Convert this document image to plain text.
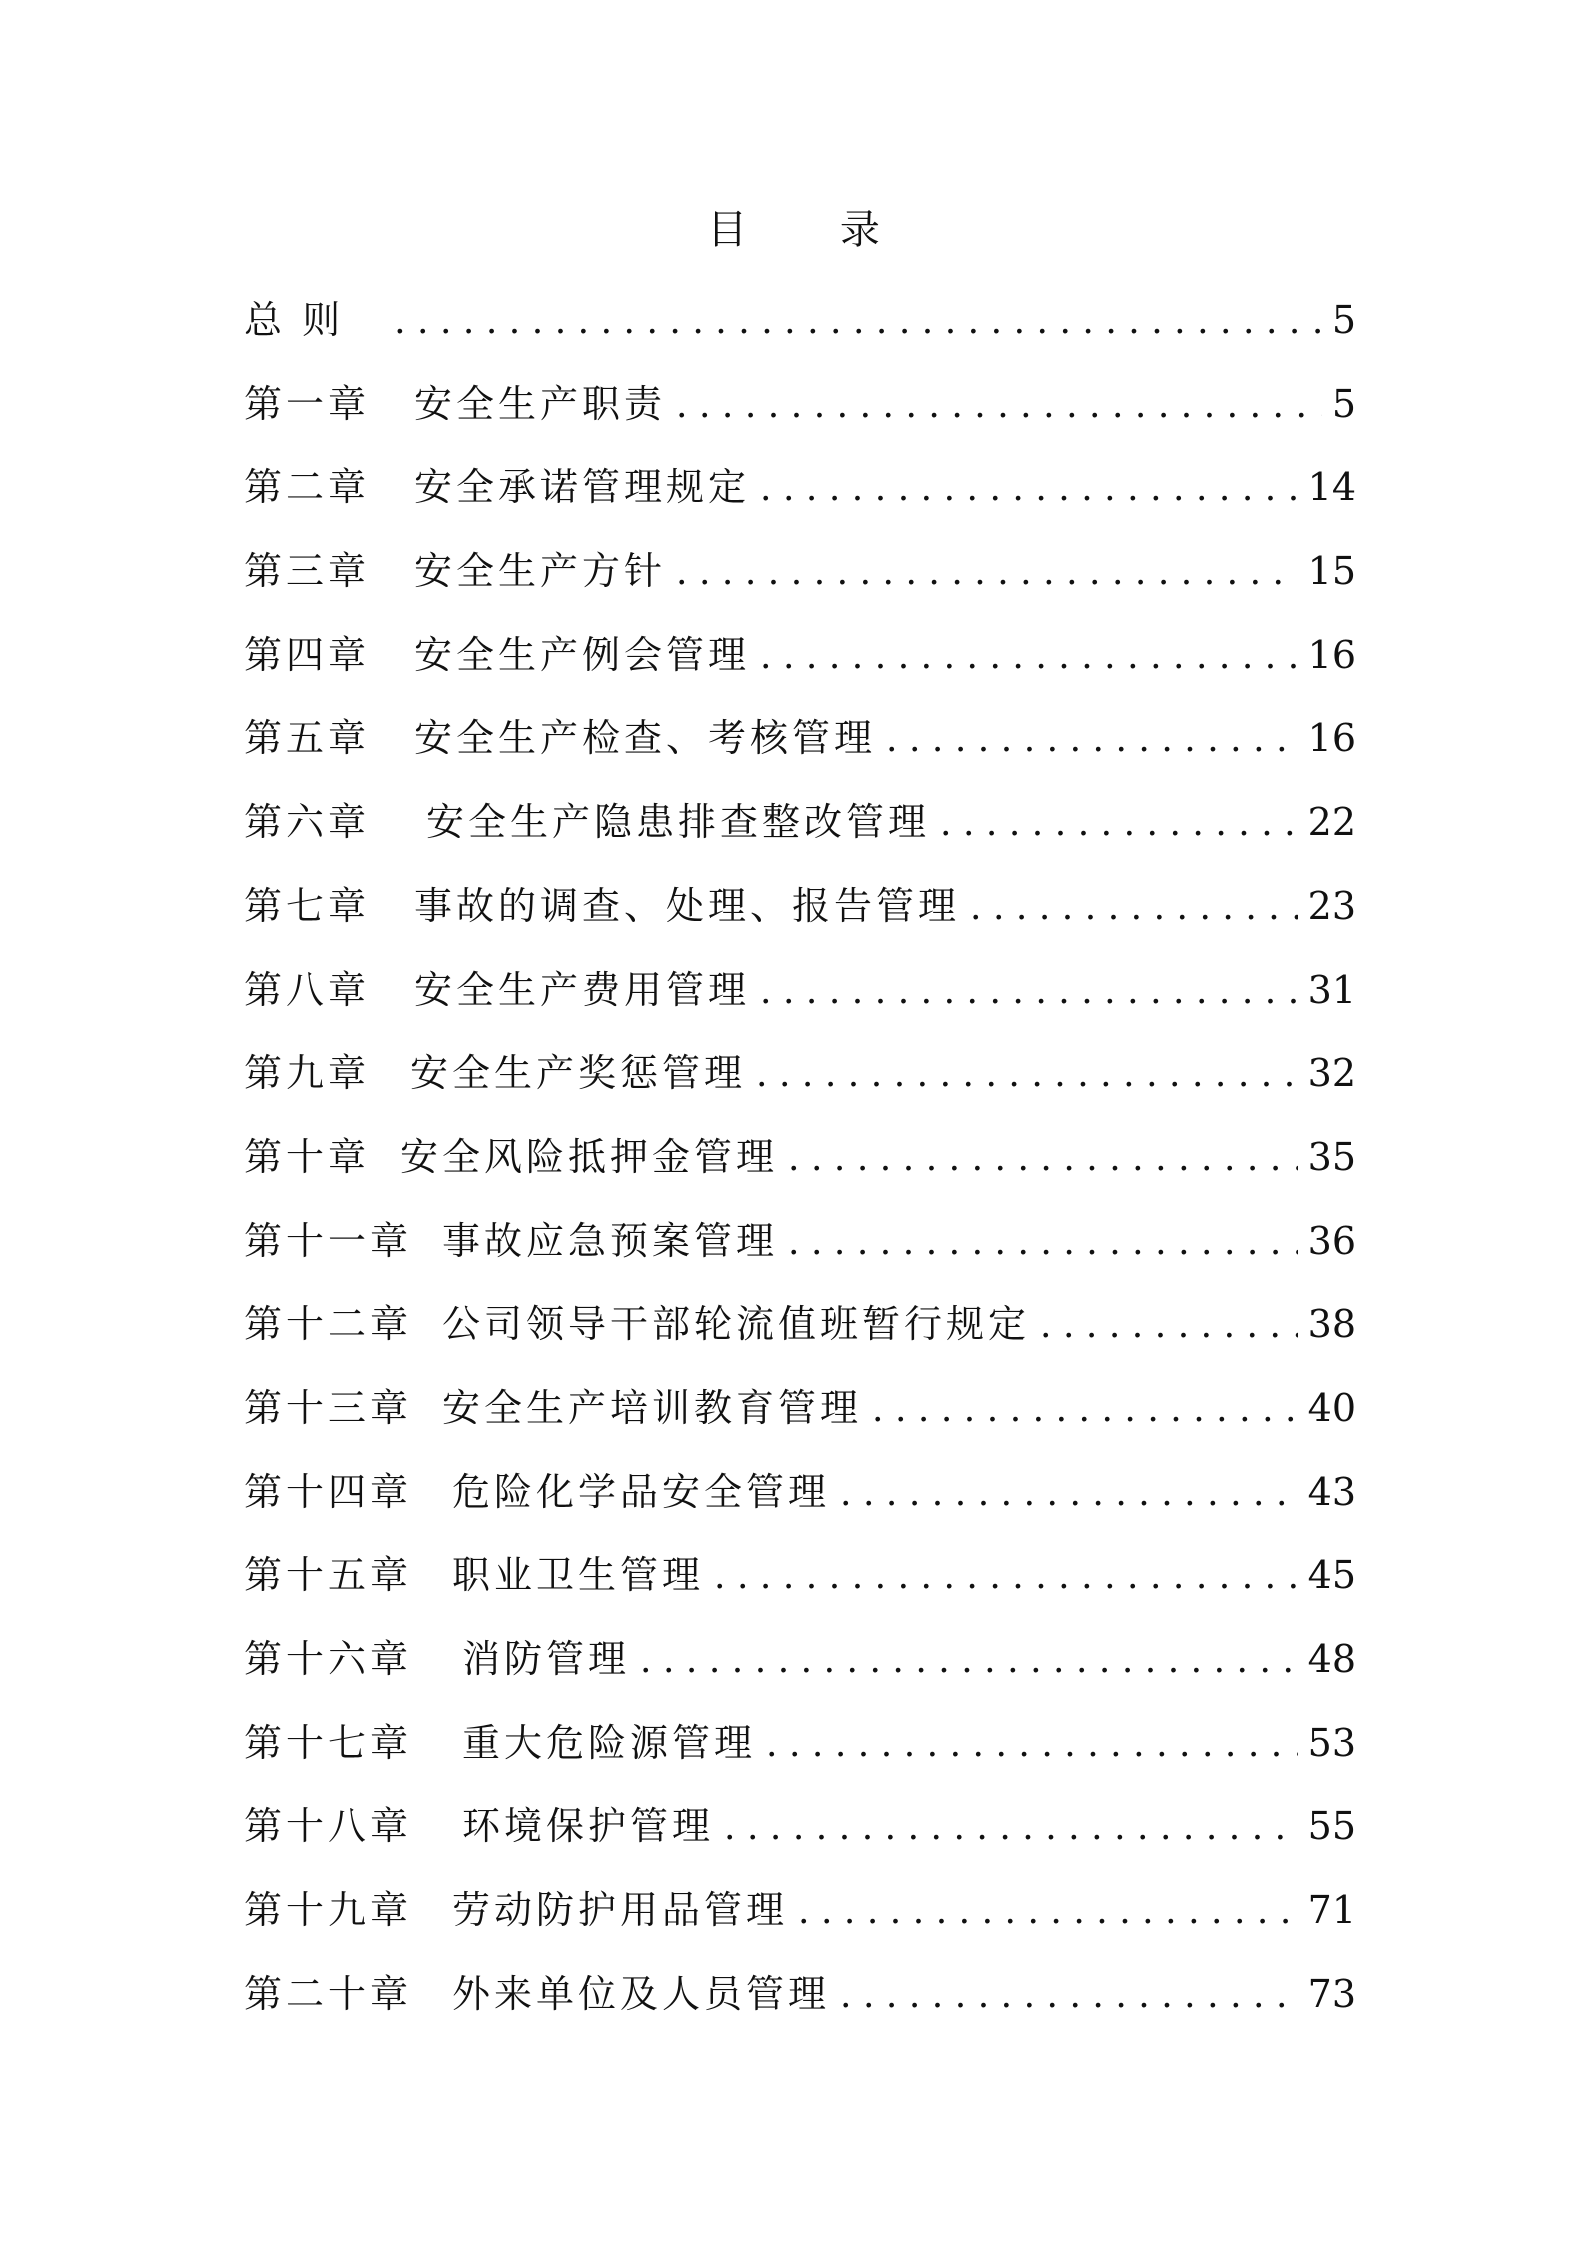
目 录
总 则 .....	5
第一章 安全生产职责 .....	5
第二章 安全承诺管理规定 .....	14
第三章 安全生产方针 .....	15
第四章 安全生产例会管理 .....	16
第五章 安全生产检查、考核管理 .....	16
第六章 安全生产隐患排查整改管理 .....	22
第七章 事故的调查、处理、报告管理 .....	23
第八章 安全生产费用管理 .....	31
第九章 安全生产奖惩管理 .....	32
第十章 安全风险抵押金管理 .....	35
第十一章 事故应急预案管理 .....	36
第十二章 公司领导干部轮流值班暂行规定 .....	38
第十三章 安全生产培训教育管理 .....	40
第十四章 危险化学品安全管理 .....	43
第十五章 职业卫生管理 .....	45
第十六章 消防管理 .....	48
第十七章 重大危险源管理 .....	53
第十八章 环境保护管理 .....	55
第十九章 劳动防护用品管理 .....	71
第二十章 外来单位及人员管理 .....	73
